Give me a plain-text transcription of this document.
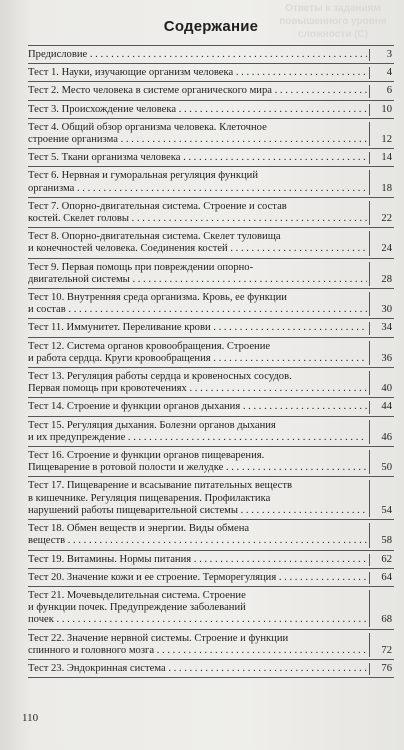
Ответы к заданиям повышенного уровня сложности (С)
Содержание
Предисловие . . .	3
Тест 1. Науки, изучающие организм человека . . .	4
Тест 2. Место человека в системе органического мира . . .	6
Тест 3. Происхождение человека . . .	10
Тест 4. Общий обзор организма человека. Клеточное
строение организма . . .	12
Тест 5. Ткани организма человека . . .	14
Тест 6. Нервная и гуморальная регуляция функций
организма . . .	18
Тест 7. Опорно-двигательная система. Строение и состав
костей. Скелет головы . . .	22
Тест 8. Опорно-двигательная система. Скелет туловища
и конечностей человека. Соединения костей . . .	24
Тест 9. Первая помощь при повреждении опорно-
двигательной системы . . .	28
Тест 10. Внутренняя среда организма. Кровь, ее функции
и состав . . .	30
Тест 11. Иммунитет. Переливание крови . . .	34
Тест 12. Система органов кровообращения. Строение
и работа сердца. Круги кровообращения . . .	36
Тест 13. Регуляция работы сердца и кровеносных сосудов.
Первая помощь при кровотечениях . . .	40
Тест 14. Строение и функции органов дыхания . . .	44
Тест 15. Регуляция дыхания. Болезни органов дыхания
и их предупреждение . . .	46
Тест 16. Строение и функции органов пищеварения.
Пищеварение в ротовой полости и желудке . . .	50
Тест 17. Пищеварение и всасывание питательных веществ
в кишечнике. Регуляция пищеварения. Профилактика
нарушений работы пищеварительной системы . . .	54
Тест 18. Обмен веществ и энергии. Виды обмена
веществ . . .	58
Тест 19. Витамины. Нормы питания . . .	62
Тест 20. Значение кожи и ее строение. Терморегуляция . . .	64
Тест 21. Мочевыделительная система. Строение
и функции почек. Предупреждение заболеваний
почек . . .	68
Тест 22. Значение нервной системы. Строение и функции
спинного и головного мозга . . .	72
Тест 23. Эндокринная система . . .	76
110
